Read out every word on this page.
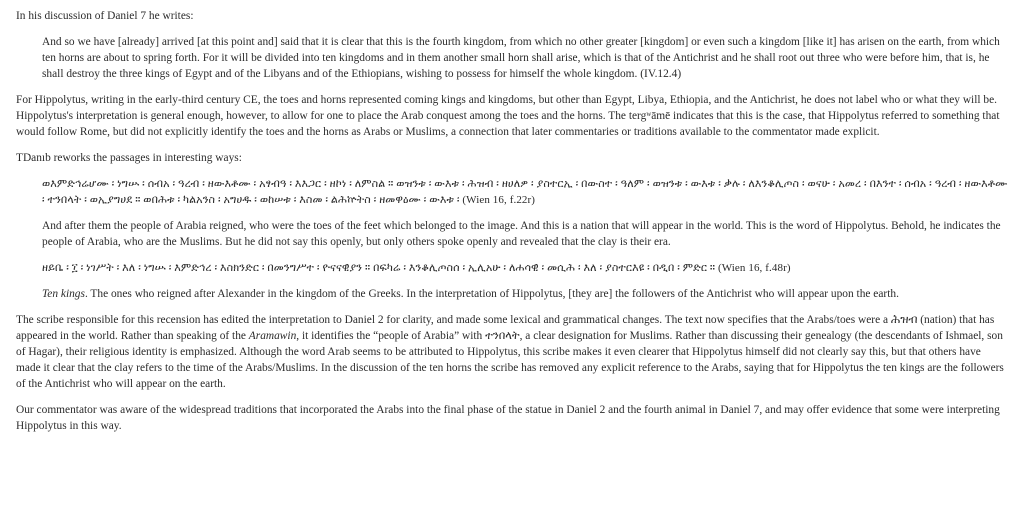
In his discussion of Daniel 7 he writes:

And so we have [already] arrived [at this point and] said that it is clear that this is the fourth kingdom, from which no other greater [kingdom] or even such a kingdom [like it] has arisen on the earth, from which ten horns are about to spring forth. For it will be divided into ten kingdoms and in them another small horn shall arise, which is that of the Antichrist and he shall root out three who were before him, that is, he shall destroy the three kings of Egypt and of the Libyans and of the Ethiopians, wishing to possess for himself the whole kingdom. (IV.12.4)

For Hippolytus, writing in the early-third century CE, the toes and horns represented coming kings and kingdoms, but other than Egypt, Libya, Ethiopia, and the Antichrist, he does not label who or what they will be. Hippolytus's interpretation is general enough, however, to allow for one to place the Arab conquest among the toes and the horns. The tergʷāmē indicates that this is the case, that Hippolytus referred to something that would follow Rome, but did not explicitly identify the toes and the horns as Arabs or Muslims, a connection that later commentaries or traditions available to the commentator made explicit.

TDanıb reworks the passages in interesting ways:

ወእምድኅሬሆሙ ፡ ነግሡ ፡ ሰብአ ፡ ዓረብ ፡ ዘውእቶሙ ፡ አፃብዓ ፡ እእጋር ፡ ዘኮነ ፡ ለምስል ። ወዝንቱ ፡ ውእቱ ፡ ሕዝብ ፡ ዘሀለዎ ፡ ያስተርኢ ፡ በውስተ ፡ ዓለም ፡ ወዝንቱ ፡ ውእቱ ፡ ቃሉ ፡ ለእንቆሊጦስ ፡ ወናሁ ፡ አመረ ፡ በእንተ ፡ ሰብአ ፡ ዓረብ ፡ ዘውእቶሙ ፡ ተንበላት ፡ ወኢያግሀደ ። ወበሕቱ ፡ ካልአንስ ፡ አግሀዱ ፡ ወከሠቱ ፡ እስመ ፡ ልሕኵትስ ፡ ዘመዋዕሙ ፡ ውእቱ ፡ (Wien 16, f.22r)

And after them the people of Arabia reigned, who were the toes of the feet which belonged to the image. And this is a nation that will appear in the world. This is the word of Hippolytus. Behold, he indicates the people of Arabia, who are the Muslims. But he did not say this openly, but only others spoke openly and revealed that the clay is their era.

ዘይቤ ፡ ፲ ፡ ነገሥት ፡ እለ ፡ ነግሡ ፡ እምድኅረ ፡ እስክንድር ፡ በመንግሥተ ፡ ዮናናዊያን ። በፍካሬ ፡ እንቆሊጦስሰ ፡ ኢሊአሁ ፡ ለሐሳዊ ፡ መሲሕ ፡ እለ ፡ ያስተርእዩ ፡ በዲበ ፡ ምድር ። (Wien 16, f.48r)

Ten kings. The ones who reigned after Alexander in the kingdom of the Greeks. In the interpretation of Hippolytus, [they are] the followers of the Antichrist who will appear upon the earth.

The scribe responsible for this recension has edited the interpretation to Daniel 2 for clarity, and made some lexical and grammatical changes. The text now specifies that the Arabs/toes were a ሕዝብ (nation) that has appeared in the world. Rather than speaking of the Aramawin, it identifies the “people of Arabia” with ተንበላት, a clear designation for Muslims. Rather than discussing their genealogy (the descendants of Ishmael, son of Hagar), their religious identity is emphasized. Although the word Arab seems to be attributed to Hippolytus, this scribe makes it even clearer that Hippolytus himself did not clearly say this, but that others have made it clear that the clay refers to the time of the Arabs/Muslims. In the discussion of the ten horns the scribe has removed any explicit reference to the Arabs, saying that for Hippolytus the ten kings are the followers of the Antichrist who will appear on the earth.

Our commentator was aware of the widespread traditions that incorporated the Arabs into the final phase of the statue in Daniel 2 and the fourth animal in Daniel 7, and may offer evidence that some were interpreting Hippolytus in this way.
